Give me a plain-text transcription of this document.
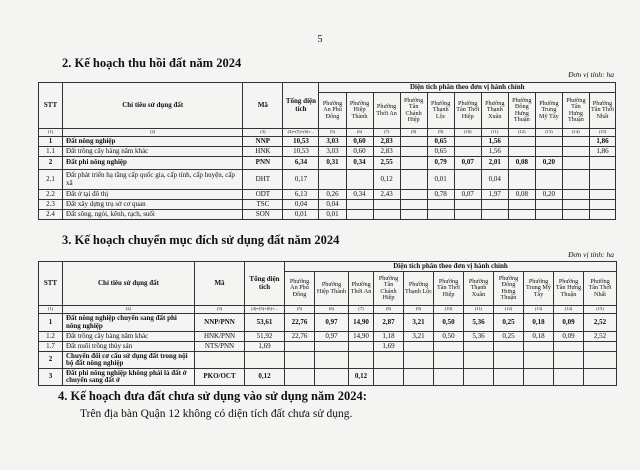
5
2. Kế hoạch thu hồi đất năm 2024
Đơn vị tính: ha
STT	Chỉ tiêu sử dụng đất	Mã	Tổng diện tích	Diện tích phân theo đơn vị hành chính										
				Phường An Phú Đông	Phường Hiệp Thành	Phường Thới An	Phường Tân Chánh Hiệp	Phường Thạnh Lộc	Phường Tân Thới Hiệp	Phường Thạnh Xuân	Phường Đông Hưng Thuận	Phường Trung Mỹ Tây	Phường Tân Hưng Thuận	Phường Tân Thới Nhất
(1)	(2)	(3)	(4)=(5)+(6)+...	(5)	(6)	(7)	(8)	(9)	(10)	(11)	(12)	(13)	(14)	(15)
1	Đất nông nghiệp	NNP	10,53	3,03	0,60	2,83		0,65		1,56				1,86
1.1	Đất trồng cây hàng năm khác	HNK	10,53	3,03	0,60	2,83		0,65		1,56				1,86
2	Đất phi nông nghiệp	PNN	6,34	0,31	0,34	2,55		0,79	0,07	2,01	0,08	0,20		
2.1	Đất phát triển hạ tầng cấp quốc gia, cấp tỉnh, cấp huyện, cấp xã	DHT	0,17			0,12		0,01		0,04				
2.2	Đất ở tại đô thị	ODT	6,13	0,26	0,34	2,43		0,78	0,07	1,97	0,08	0,20		
2.3	Đất xây dựng trụ sở cơ quan	TSC	0,04	0,04										
2.4	Đất sông, ngòi, kênh, rạch, suối	SON	0,01	0,01										
3. Kế hoạch chuyển mục đích sử dụng đất năm 2024
Đơn vị tính: ha
STT	Chỉ tiêu sử dụng đất	Mã	Tổng diện tích	Diện tích phân theo đơn vị hành chính										
				Phường An Phú Đông	Phường Hiệp Thành	Phường Thới An	Phường Tân Chánh Hiệp	Phường Thạnh Lộc	Phường Tân Thới Hiệp	Phường Thạnh Xuân	Phường Đông Hưng Thuận	Phường Trung Mỹ Tây	Phường Tân Hưng Thuận	Phường Tân Thới Nhất
(1)	(2)	(3)	(4)=(5)+(6)+...	(5)	(6)	(7)	(8)	(9)	(10)	(11)	(12)	(13)	(14)	(15)
1	Đất nông nghiệp chuyển sang đất phi nông nghiệp	NNP/PNN	53,61	22,76	0,97	14,90	2,87	3,21	0,50	5,36	0,25	0,18	0,09	2,52
1.2	Đất trồng cây hàng năm khác	HNK/PNN	51,92	22,76	0,97	14,90	1,18	3,21	0,50	5,36	0,25	0,18	0,09	2,52
1.7	Đất nuôi trồng thủy sản	NTS/PNN	1,69				1,69							
2	Chuyển đổi cơ cấu sử dụng đất trong nội bộ đất nông nghiệp													
3	Đất phi nông nghiệp không phải là đất ở chuyển sang đất ở	PKO/OCT	0,12			0,12								
4. Kế hoạch đưa đất chưa sử dụng vào sử dụng năm 2024:
Trên địa bàn Quận 12 không có diện tích đất chưa sử dụng.
